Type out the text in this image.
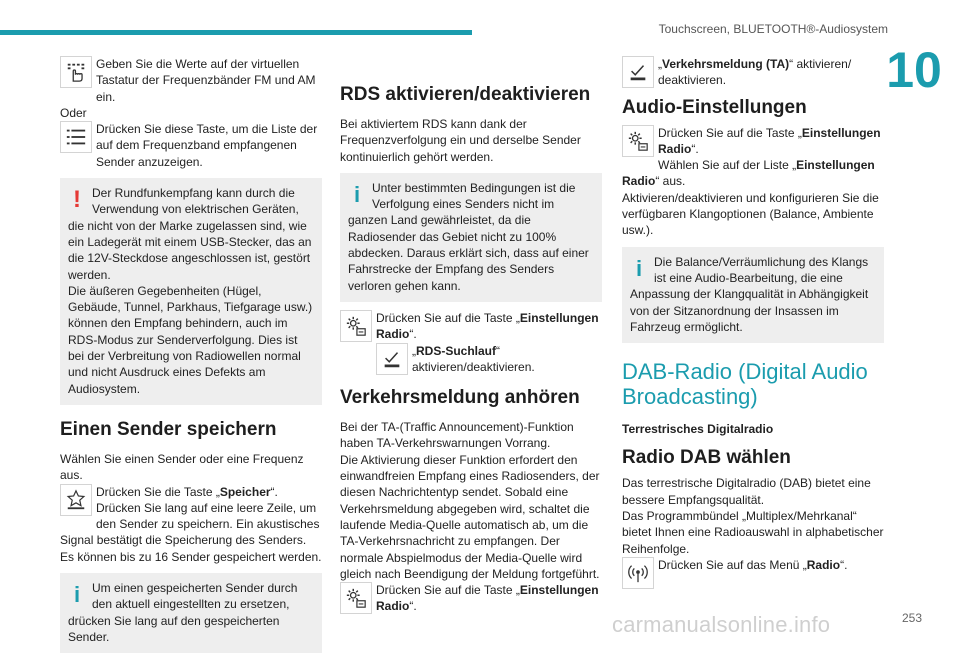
Touchscreen, BLUETOOTH®-Audiosystem
10
Geben Sie die Werte auf der virtuellen Tastatur der Frequenzbänder FM und AM ein.

Oder

Drücken Sie diese Taste, um die Liste der auf dem Frequenzband empfangenen Sender anzuzeigen.
! Der Rundfunkempfang kann durch die Verwendung von elektrischen Geräten, die nicht von der Marke zugelassen sind, wie ein Ladegerät mit einem USB-Stecker, das an die 12V-Steckdose angeschlossen ist, gestört werden.

Die äußeren Gegebenheiten (Hügel, Gebäude, Tunnel, Parkhaus, Tiefgarage usw.) können den Empfang behindern, auch im RDS-Modus zur Senderverfolgung. Dies ist bei der Verbreitung von Radiowellen normal und nicht Ausdruck eines Defekts am Audiosystem.

Einen Sender speichern

Wählen Sie einen Sender oder eine Frequenz aus.

Drücken Sie die Taste „Speicher“.

Drücken Sie lang auf eine leere Zeile, um den Sender zu speichern. Ein akustisches Signal bestätigt die Speicherung des Senders.

Es können bis zu 16 Sender gespeichert werden.

i Um einen gespeicherten Sender durch den aktuell eingestellten zu ersetzen, drücken Sie lang auf den gespeicherten Sender.

RDS aktivieren/deaktivieren

Bei aktiviertem RDS kann dank der Frequenzverfolgung ein und derselbe Sender kontinuierlich gehört werden.

i Unter bestimmten Bedingungen ist die Verfolgung eines Senders nicht im ganzen Land gewährleistet, da die Radiosender das Gebiet nicht zu 100% abdecken. Daraus erklärt sich, dass auf einer Fahrstrecke der Empfang des Senders verloren gehen kann.

Drücken Sie auf die Taste „Einstellungen Radio“.
„RDS-Suchlauf“ aktivieren/deaktivieren.
Verkehrsmeldung anhören

Bei der TA-(Traffic Announcement)-Funktion haben TA-Verkehrswarnungen Vorrang.

Die Aktivierung dieser Funktion erfordert den einwandfreien Empfang eines Radiosenders, der diesen Nachrichtentyp sendet. Sobald eine Verkehrsmeldung abgegeben wird, schaltet die laufende Media-Quelle automatisch ab, um die TA-Verkehrsnachricht zu empfangen. Der normale Abspielmodus der Media-Quelle wird gleich nach Beendigung der Meldung fortgeführt.

Drücken Sie auf die Taste „Einstellungen Radio“.
„Verkehrsmeldung (TA)“ aktivieren/ deaktivieren.
Audio-Einstellungen
Drücken Sie auf die Taste „Einstellungen Radio“.

Wählen Sie auf der Liste „Einstellungen Radio“ aus.

Aktivieren/deaktivieren und konfigurieren Sie die verfügbaren Klangoptionen (Balance, Ambiente usw.).

i Die Balance/Verräumlichung des Klangs ist eine Audio-Bearbeitung, die eine Anpassung der Klangqualität in Abhängigkeit von der Sitzanordnung der Insassen im Fahrzeug ermöglicht.

DAB-Radio (Digital Audio Broadcasting)
Terrestrisches Digitalradio
Radio DAB wählen

Das terrestrische Digitalradio (DAB) bietet eine bessere Empfangsqualität.

Das Programmbündel „Multiplex/Mehrkanal“ bietet Ihnen eine Radioauswahl in alphabetischer Reihenfolge.

Drücken Sie auf das Menü „Radio“.
carmanualsonline.info	253
